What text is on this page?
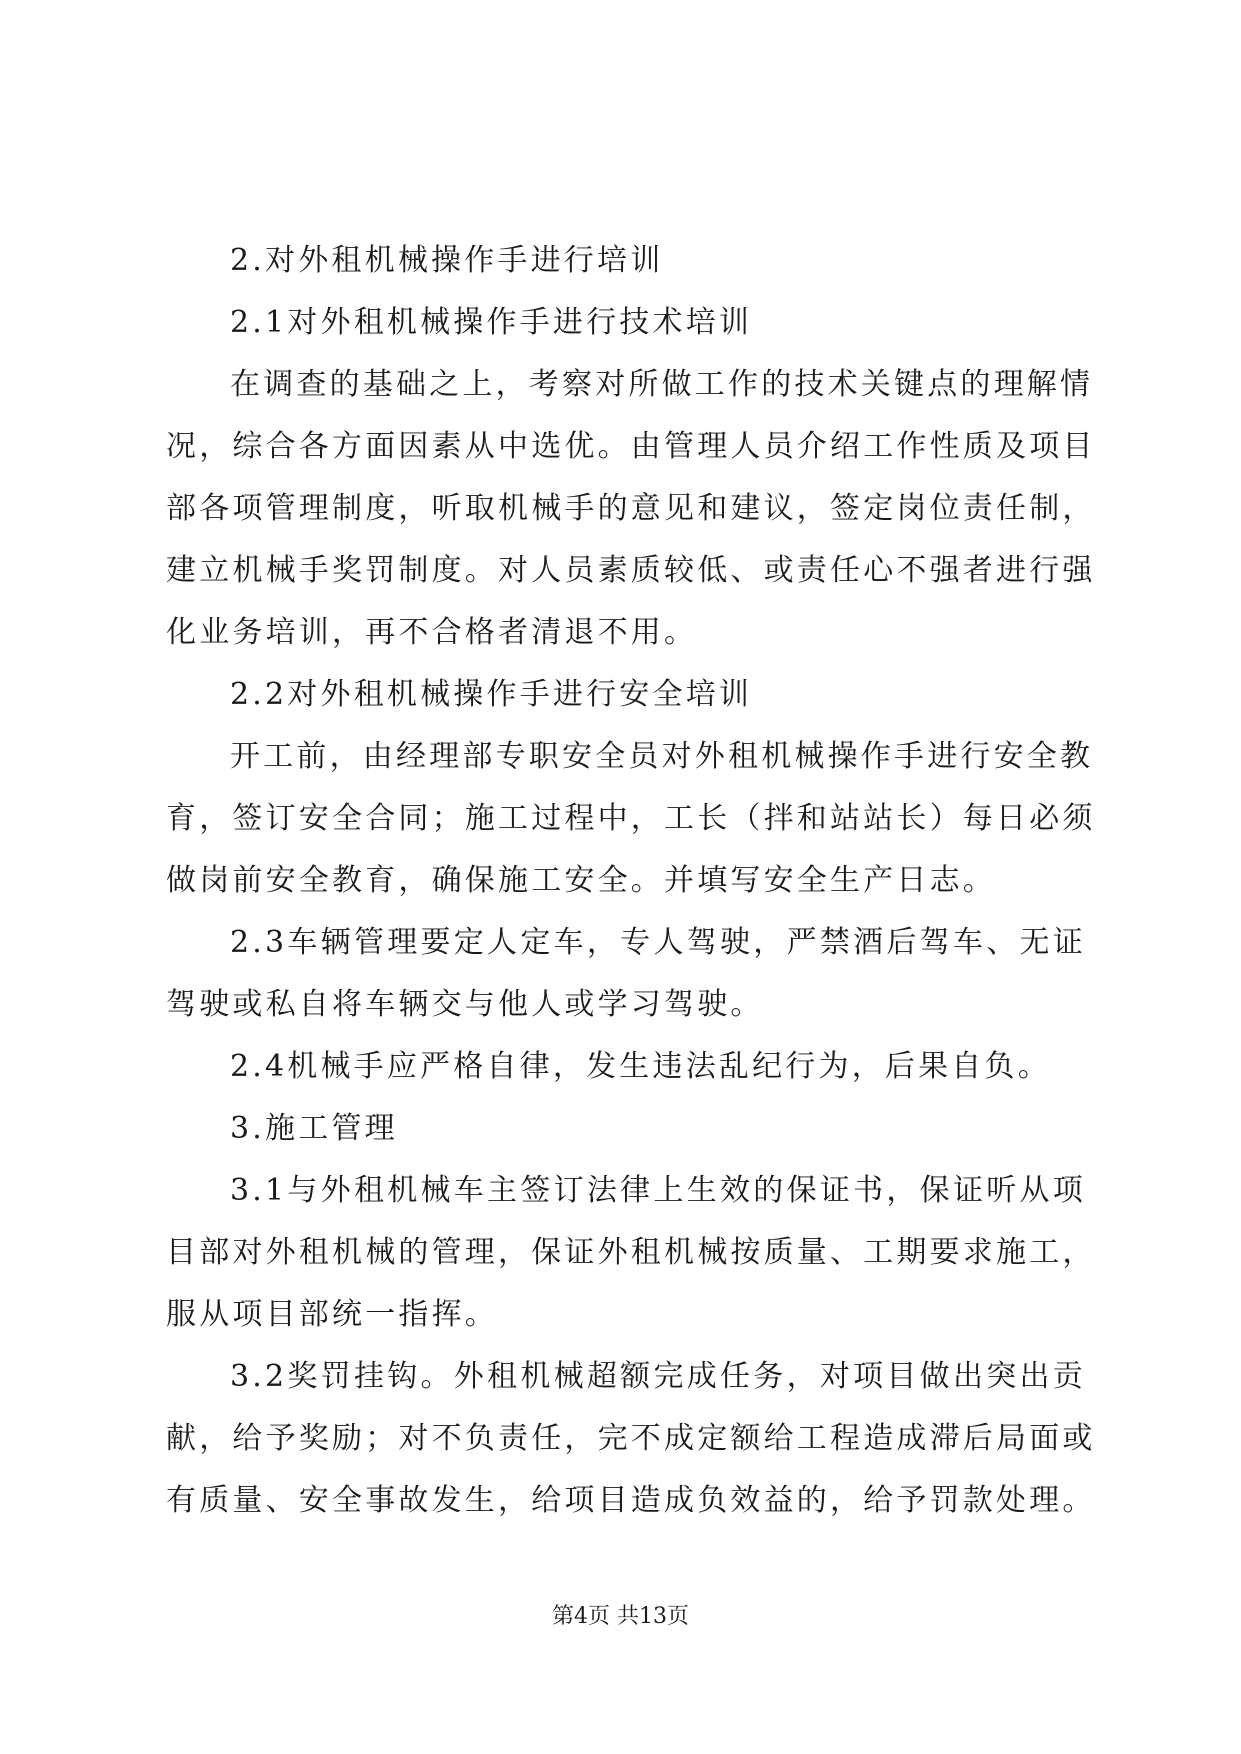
2.对外租机械操作手进行培训
2.1对外租机械操作手进行技术培训
在调查的基础之上，考察对所做工作的技术关键点的理解情
况，综合各方面因素从中选优。由管理人员介绍工作性质及项目
部各项管理制度，听取机械手的意见和建议，签定岗位责任制，
建立机械手奖罚制度。对人员素质较低、或责任心不强者进行强
化业务培训，再不合格者清退不用。
2.2对外租机械操作手进行安全培训
开工前，由经理部专职安全员对外租机械操作手进行安全教
育，签订安全合同；施工过程中，工长（拌和站站长）每日必须
做岗前安全教育，确保施工安全。并填写安全生产日志。
2.3车辆管理要定人定车，专人驾驶，严禁酒后驾车、无证
驾驶或私自将车辆交与他人或学习驾驶。
2.4机械手应严格自律，发生违法乱纪行为，后果自负。
3.施工管理
3.1与外租机械车主签订法律上生效的保证书，保证听从项
目部对外租机械的管理，保证外租机械按质量、工期要求施工，
服从项目部统一指挥。
3.2奖罚挂钩。外租机械超额完成任务，对项目做出突出贡
献，给予奖励；对不负责任，完不成定额给工程造成滞后局面或
有质量、安全事故发生，给项目造成负效益的，给予罚款处理。
第4页 共13页
